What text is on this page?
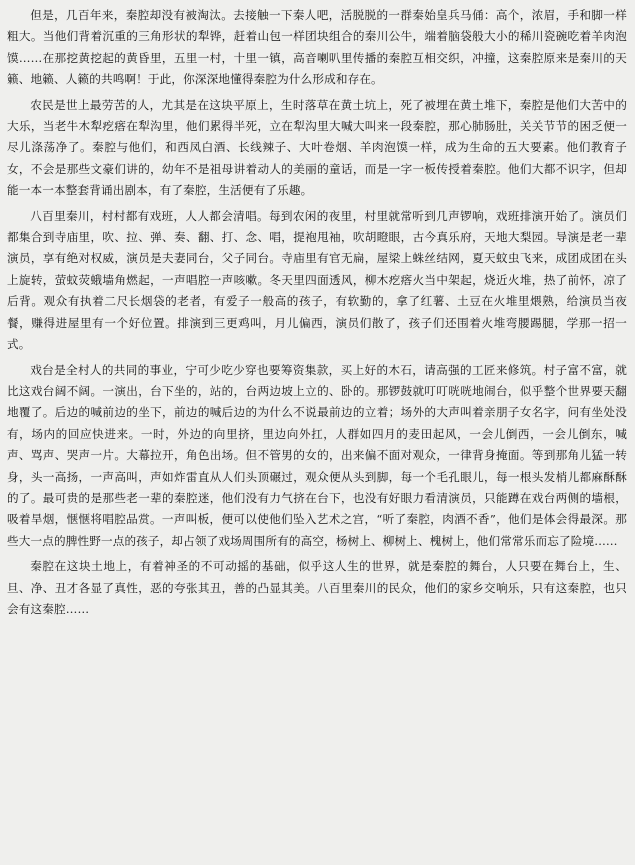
但是，几百年来，秦腔却没有被淘汰。去接触一下秦人吧，活脱脱的一群秦始皇兵马俑：高个，浓眉，手和脚一样粗大。当他们背着沉重的三角形状的犁铧，赶着山包一样团块组合的秦川公牛，端着脑袋般大小的稀川瓷碗吃着羊肉泡馍……在那挖黄挖起的黄昏里，五里一村，十里一镇，高音喇叭里传播的秦腔互相交织，冲撞，这秦腔原来是秦川的天籁、地籁、人籁的共鸣啊！于此，你深深地懂得秦腔为什么形成和存在。

农民是世上最劳苦的人，尤其是在这块平原上，生时落草在黄土坑上，死了被埋在黄土堆下，秦腔是他们大苦中的大乐，当老牛木犁疙瘩在犁沟里，他们累得半死，立在犁沟里大喊大叫来一段秦腔，那心肺肠肚，关关节节的困乏便一尽儿涤荡净了。秦腔与他们，和西凤白酒、长线辣子、大叶卷烟、羊肉泡馍一样，成为生命的五大要素。他们教育子女，不会是那些文豪们讲的，幼年不是祖母讲着动人的美丽的童话，而是一字一板传授着秦腔。他们大都不识字，但却能一本一本整套背诵出剧本，有了秦腔，生活便有了乐趣。

八百里秦川，村村都有戏班，人人都会清唱。每到农闲的夜里，村里就常听到几声锣响，戏班排演开始了。演员们都集合到寺庙里，吹、拉、弹、奏、翻、打、念、唱，提袍甩袖，吹胡瞪眼，古今真乐府，天地大梨园。导演是老一辈演员，享有绝对权威，演员是夫妻同台，父子同台。寺庙里有官无扁，屋梁上蛛丝结网，夏天蚊虫飞来，成团成团在头上旋转，萤蚊荧蛾墙角燃起，一声唱腔一声咳嗽。冬天里四面透风，柳木疙瘩火当中架起，烧近火堆，热了前怀，凉了后背。观众有执着二尺长烟袋的老者，有爱子一般高的孩子，有软勤的，拿了红薯、土豆在火堆里煨熟，给演员当夜餐，赚得进屋里有一个好位置。排演到三更鸡叫，月儿偏西，演员们散了，孩子们还围着火堆弯腰踢腿，学那一招一式。

戏台是全村人的共同的事业，宁可少吃少穿也要筹资集款，买上好的木石，请高强的工匠来修筑。村子富不富，就比这戏台阔不阔。一演出，台下坐的，站的，台两边坡上立的、卧的。那锣鼓就叮叮咣咣地闹台，似乎整个世界要天翻地覆了。后边的喊前边的坐下，前边的喊后边的为什么不说最前边的立着；场外的大声叫着亲朋子女名字，问有坐处没有，场内的回应快进来。一时，外边的向里挤，里边向外扛，人群如四月的麦田起风，一会儿倒西，一会儿倒东，喊声、骂声、哭声一片。大幕拉开，角色出场。但不管男的女的，出来偏不面对观众，一律背身掩面。等到那角儿猛一转身，头一高扬，一声高叫，声如炸雷直从人们头顶碾过，观众便从头到脚，每一个毛孔眼儿，每一根头发梢儿都麻酥酥的了。最可贵的是那些老一辈的秦腔迷，他们没有力气挤在台下，也没有好眼力看清演员，只能蹲在戏台两侧的墙根，吸着旱烟，惬惬将唱腔品赏。一声叫板，便可以使他们坠入艺术之宫，“听了秦腔，肉酒不香”，他们是体会得最深。那些大一点的脾性野一点的孩子，却占领了戏场周围所有的高空，杨树上、柳树上、槐树上，他们常常乐而忘了险境……

秦腔在这块土地上，有着神圣的不可动摇的基础，似乎这人生的世界，就是秦腔的舞台，人只要在舞台上，生、旦、净、丑才各显了真性，恶的夸张其丑，善的凸显其美。八百里秦川的民众，他们的家乡交响乐，只有这秦腔，也只会有这秦腔……
